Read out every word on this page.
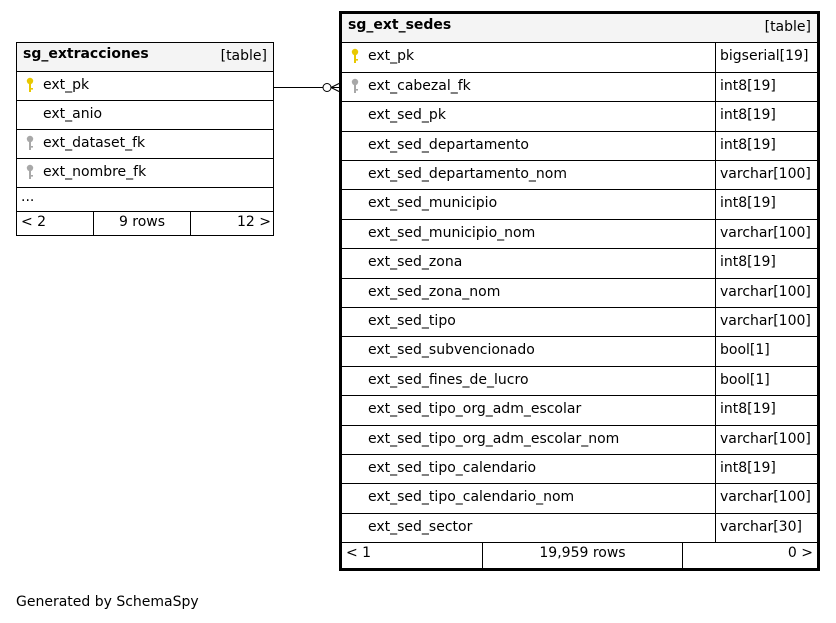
sg_extracciones	[table]
ext_pk
ext_anio
ext_dataset_fk
ext_nombre_fk
...
< 2	9 rows	12 >
sg_ext_sedes	[table]
ext_pk	bigserial[19]
ext_cabezal_fk	int8[19]
ext_sed_pk	int8[19]
ext_sed_departamento	int8[19]
ext_sed_departamento_nom	varchar[100]
ext_sed_municipio	int8[19]
ext_sed_municipio_nom	varchar[100]
ext_sed_zona	int8[19]
ext_sed_zona_nom	varchar[100]
ext_sed_tipo	varchar[100]
ext_sed_subvencionado	bool[1]
ext_sed_fines_de_lucro	bool[1]
ext_sed_tipo_org_adm_escolar	int8[19]
ext_sed_tipo_org_adm_escolar_nom	varchar[100]
ext_sed_tipo_calendario	int8[19]
ext_sed_tipo_calendario_nom	varchar[100]
ext_sed_sector	varchar[30]
< 1	19,959 rows	0 >
Generated by SchemaSpy
